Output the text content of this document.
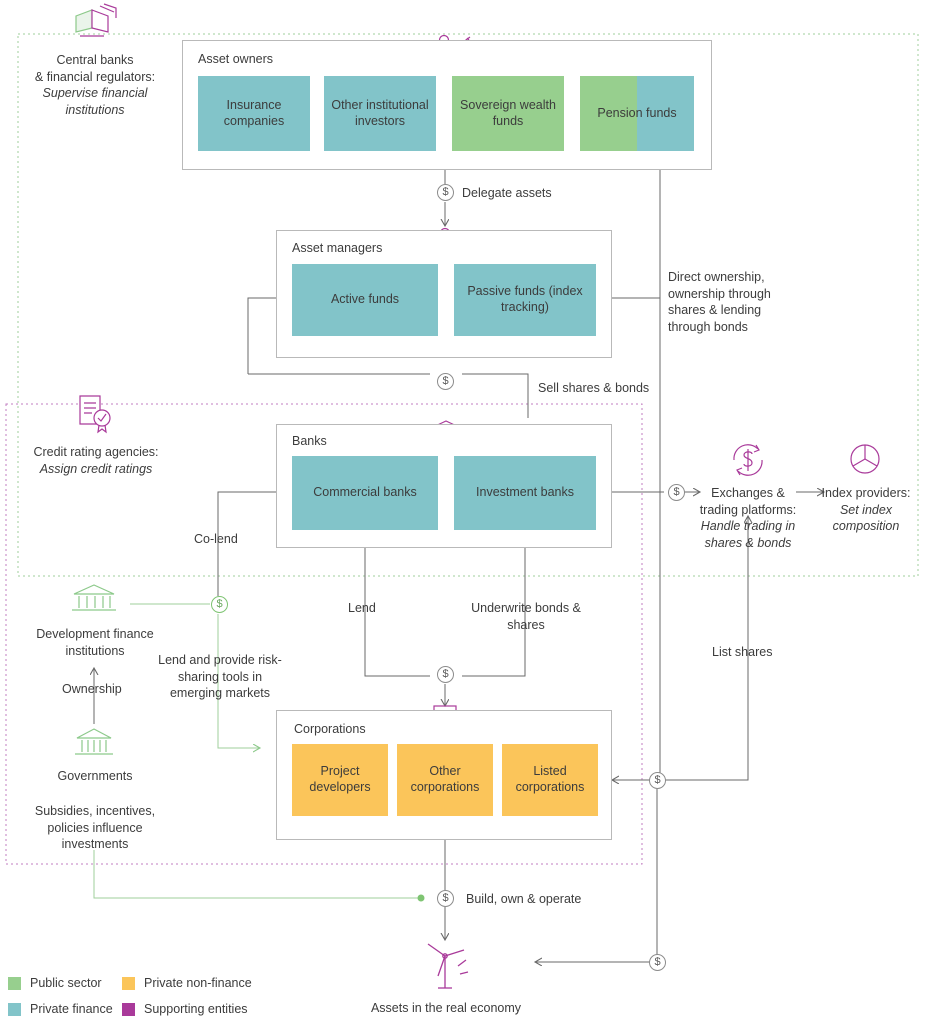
Asset owners
Insurance companies
Other institutional investors
Sovereign wealth funds
Pension funds
Asset managers
Active funds
Passive funds (index tracking)
Banks
Commercial banks	Investment banks
Corporations
Project developers
Other corporations
Listed corporations
Central banks
& financial regulators:
Supervise financial institutions
Credit rating agencies:
Assign credit ratings
Development finance institutions
Governments
Exchanges &
trading platforms:
Handle trading in shares & bonds
Index providers:
Set index composition
Assets in the real economy
Delegate assets
Direct ownership, ownership through shares & lending through bonds
Sell shares & bonds
Co-lend
Lend	Underwrite bonds & shares
Lend and provide risk-sharing tools in emerging markets
Ownership
Subsidies, incentives, policies influence investments
List shares
Build, own & operate
$
$
$
$
$
$
$
$
Public sector	Private non-finance
Private finance	Supporting entities
